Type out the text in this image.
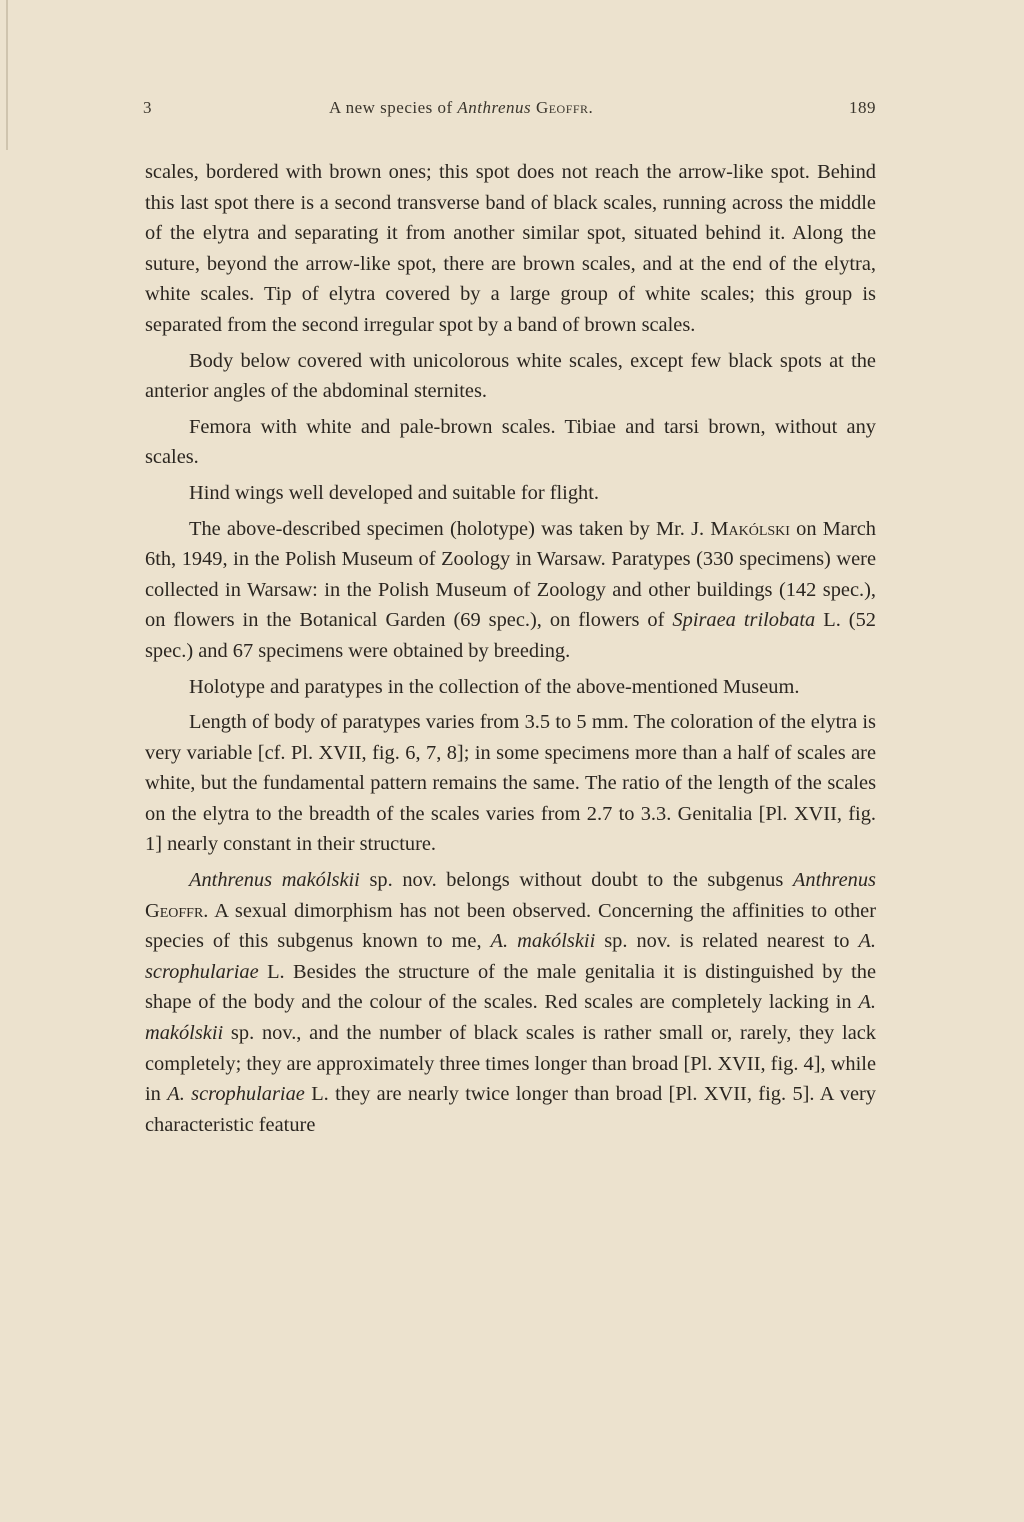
3	A new species of Anthrenus Geoffr.	189

scales, bordered with brown ones; this spot does not reach the arrow-like spot. Behind this last spot there is a second transverse band of black scales, running across the middle of the elytra and separating it from another similar spot, situated behind it. Along the suture, beyond the arrow-like spot, there are brown scales, and at the end of the elytra, white scales. Tip of elytra covered by a large group of white scales; this group is separated from the second irregular spot by a band of brown scales.

Body below covered with unicolorous white scales, except few black spots at the anterior angles of the abdominal sternites.

Femora with white and pale-brown scales. Tibiae and tarsi brown, without any scales.

Hind wings well developed and suitable for flight.

The above-described specimen (holotype) was taken by Mr. J. Makólski on March 6th, 1949, in the Polish Museum of Zoology in Warsaw. Paratypes (330 specimens) were collected in Warsaw: in the Polish Museum of Zoology and other buildings (142 spec.), on flowers in the Botanical Garden (69 spec.), on flowers of Spiraea trilobata L. (52 spec.) and 67 specimens were obtained by breeding.

Holotype and paratypes in the collection of the above-mentioned Museum.

Length of body of paratypes varies from 3.5 to 5 mm. The coloration of the elytra is very variable [cf. Pl. XVII, fig. 6, 7, 8]; in some specimens more than a half of scales are white, but the fundamental pattern remains the same. The ratio of the length of the scales on the elytra to the breadth of the scales varies from 2.7 to 3.3. Genitalia [Pl. XVII, fig. 1] nearly constant in their structure.

Anthrenus makólskii sp. nov. belongs without doubt to the subgenus Anthrenus Geoffr. A sexual dimorphism has not been observed. Concerning the affinities to other species of this subgenus known to me, A. makólskii sp. nov. is related nearest to A. scrophulariae L. Besides the structure of the male genitalia it is distinguished by the shape of the body and the colour of the scales. Red scales are completely lacking in A. makólskii sp. nov., and the number of black scales is rather small or, rarely, they lack completely; they are approximately three times longer than broad [Pl. XVII, fig. 4], while in A. scrophulariae L. they are nearly twice longer than broad [Pl. XVII, fig. 5]. A very characteristic feature
